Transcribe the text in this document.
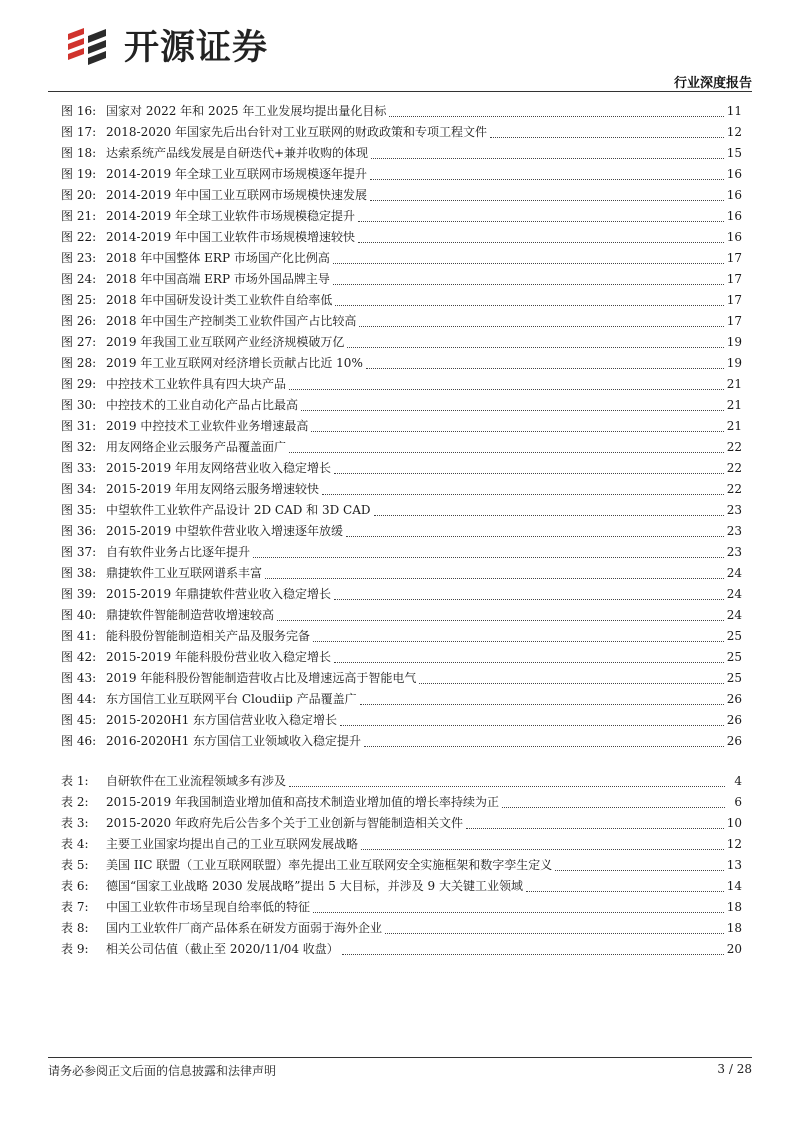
开源证券
行业深度报告
图 16: 国家对 2022 年和 2025 年工业发展均提出量化目标	11
图 17: 2018-2020 年国家先后出台针对工业互联网的财政政策和专项工程文件	12
图 18: 达索系统产品线发展是自研迭代+兼并收购的体现	15
图 19: 2014-2019 年全球工业互联网市场规模逐年提升	16
图 20: 2014-2019 年中国工业互联网市场规模快速发展	16
图 21: 2014-2019 年全球工业软件市场规模稳定提升	16
图 22: 2014-2019 年中国工业软件市场规模增速较快	16
图 23: 2018 年中国整体 ERP 市场国产化比例高	17
图 24: 2018 年中国高端 ERP 市场外国品牌主导	17
图 25: 2018 年中国研发设计类工业软件自给率低	17
图 26: 2018 年中国生产控制类工业软件国产占比较高	17
图 27: 2019 年我国工业互联网产业经济规模破万亿	19
图 28: 2019 年工业互联网对经济增长贡献占比近 10%	19
图 29: 中控技术工业软件具有四大块产品	21
图 30: 中控技术的工业自动化产品占比最高	21
图 31: 2019 中控技术工业软件业务增速最高	21
图 32: 用友网络企业云服务产品覆盖面广	22
图 33: 2015-2019 年用友网络营业收入稳定增长	22
图 34: 2015-2019 年用友网络云服务增速较快	22
图 35: 中望软件工业软件产品设计 2D CAD 和 3D CAD	23
图 36: 2015-2019 中望软件营业收入增速逐年放缓	23
图 37: 自有软件业务占比逐年提升	23
图 38: 鼎捷软件工业互联网谱系丰富	24
图 39: 2015-2019 年鼎捷软件营业收入稳定增长	24
图 40: 鼎捷软件智能制造营收增速较高	24
图 41: 能科股份智能制造相关产品及服务完备	25
图 42: 2015-2019 年能科股份营业收入稳定增长	25
图 43: 2019 年能科股份智能制造营收占比及增速远高于智能电气	25
图 44: 东方国信工业互联网平台 Cloudiip 产品覆盖广	26
图 45: 2015-2020H1 东方国信营业收入稳定增长	26
图 46: 2016-2020H1 东方国信工业领域收入稳定提升	26
表 1:	自研软件在工业流程领域多有涉及	4
表 2:	2015-2019 年我国制造业增加值和高技术制造业增加值的增长率持续为正	6
表 3:	2015-2020 年政府先后公告多个关于工业创新与智能制造相关文件	10
表 4:	主要工业国家均提出自己的工业互联网发展战略	12
表 5:	美国 IIC 联盟（工业互联网联盟）率先提出工业互联网安全实施框架和数字孪生定义	13
表 6:	德国“国家工业战略 2030 发展战略”提出 5 大目标，并涉及 9 大关键工业领域	14
表 7:	中国工业软件市场呈现自给率低的特征	18
表 8:	国内工业软件厂商产品体系在研发方面弱于海外企业	18
表 9:	相关公司估值（截止至 2020/11/04 收盘）	20
请务必参阅正文后面的信息披露和法律声明	3 / 28
